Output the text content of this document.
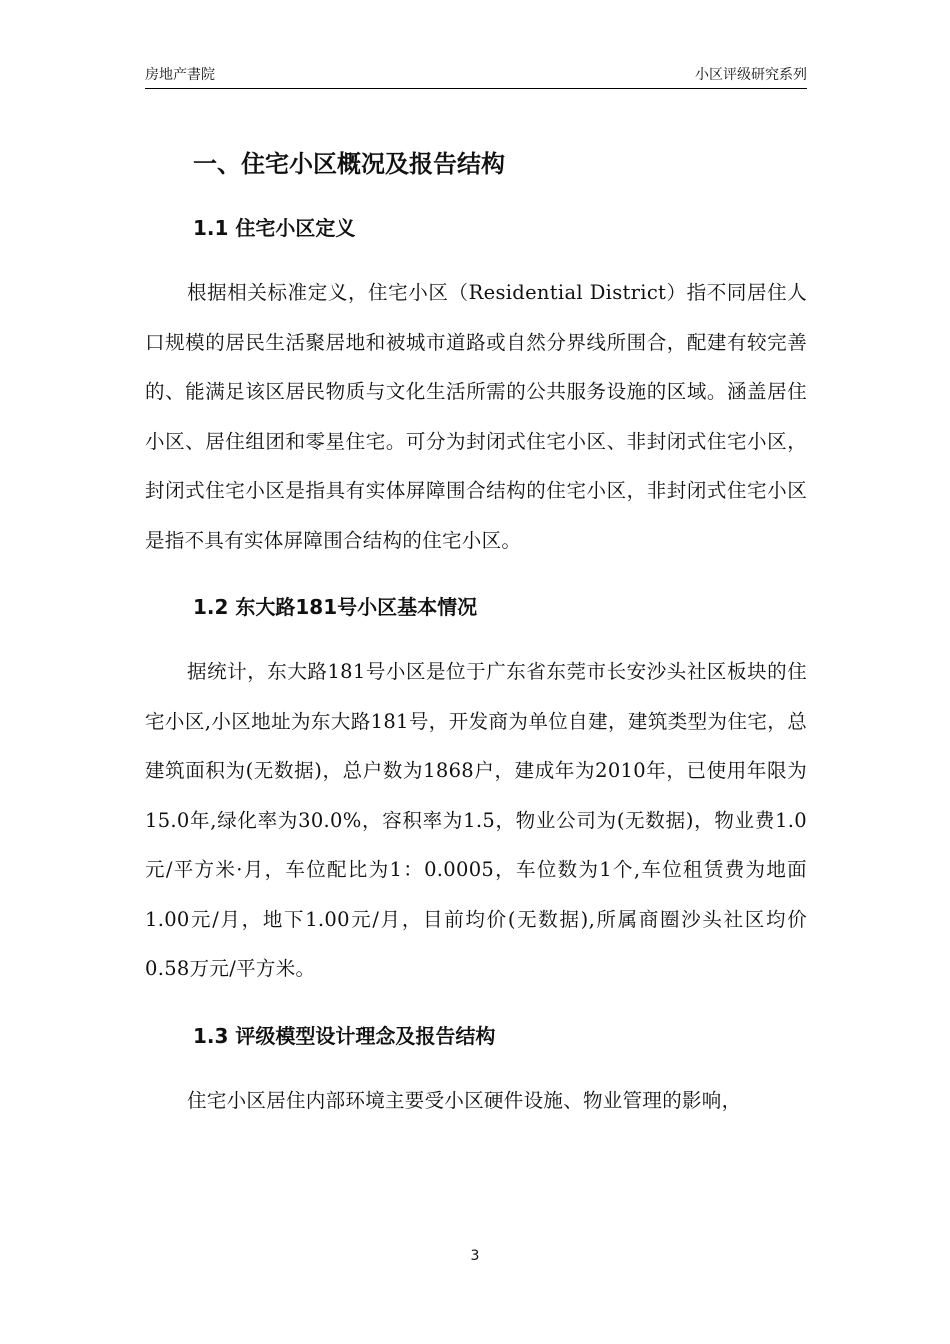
房地产書院	小区评级研究系列
一、住宅小区概况及报告结构
1.1 住宅小区定义

根据相关标准定义，住宅小区（Residential District）指不同居住人口规模的居民生活聚居地和被城市道路或自然分界线所围合，配建有较完善的、能满足该区居民物质与文化生活所需的公共服务设施的区域。涵盖居住小区、居住组团和零星住宅。可分为封闭式住宅小区、非封闭式住宅小区，封闭式住宅小区是指具有实体屏障围合结构的住宅小区，非封闭式住宅小区是指不具有实体屏障围合结构的住宅小区。

1.2 东大路181号小区基本情况

据统计，东大路181号小区是位于广东省东莞市长安沙头社区板块的住宅小区,小区地址为东大路181号，开发商为单位自建，建筑类型为住宅，总建筑面积为(无数据)，总户数为1868户，建成年为2010年，已使用年限为15.0年,绿化率为30.0%，容积率为1.5，物业公司为(无数据)，物业费1.0元/平方米·月，车位配比为1：0.0005，车位数为1个,车位租赁费为地面1.00元/月，地下1.00元/月，目前均价(无数据),所属商圈沙头社区均价0.58万元/平方米。

1.3 评级模型设计理念及报告结构

住宅小区居住内部环境主要受小区硬件设施、物业管理的影响，

3
